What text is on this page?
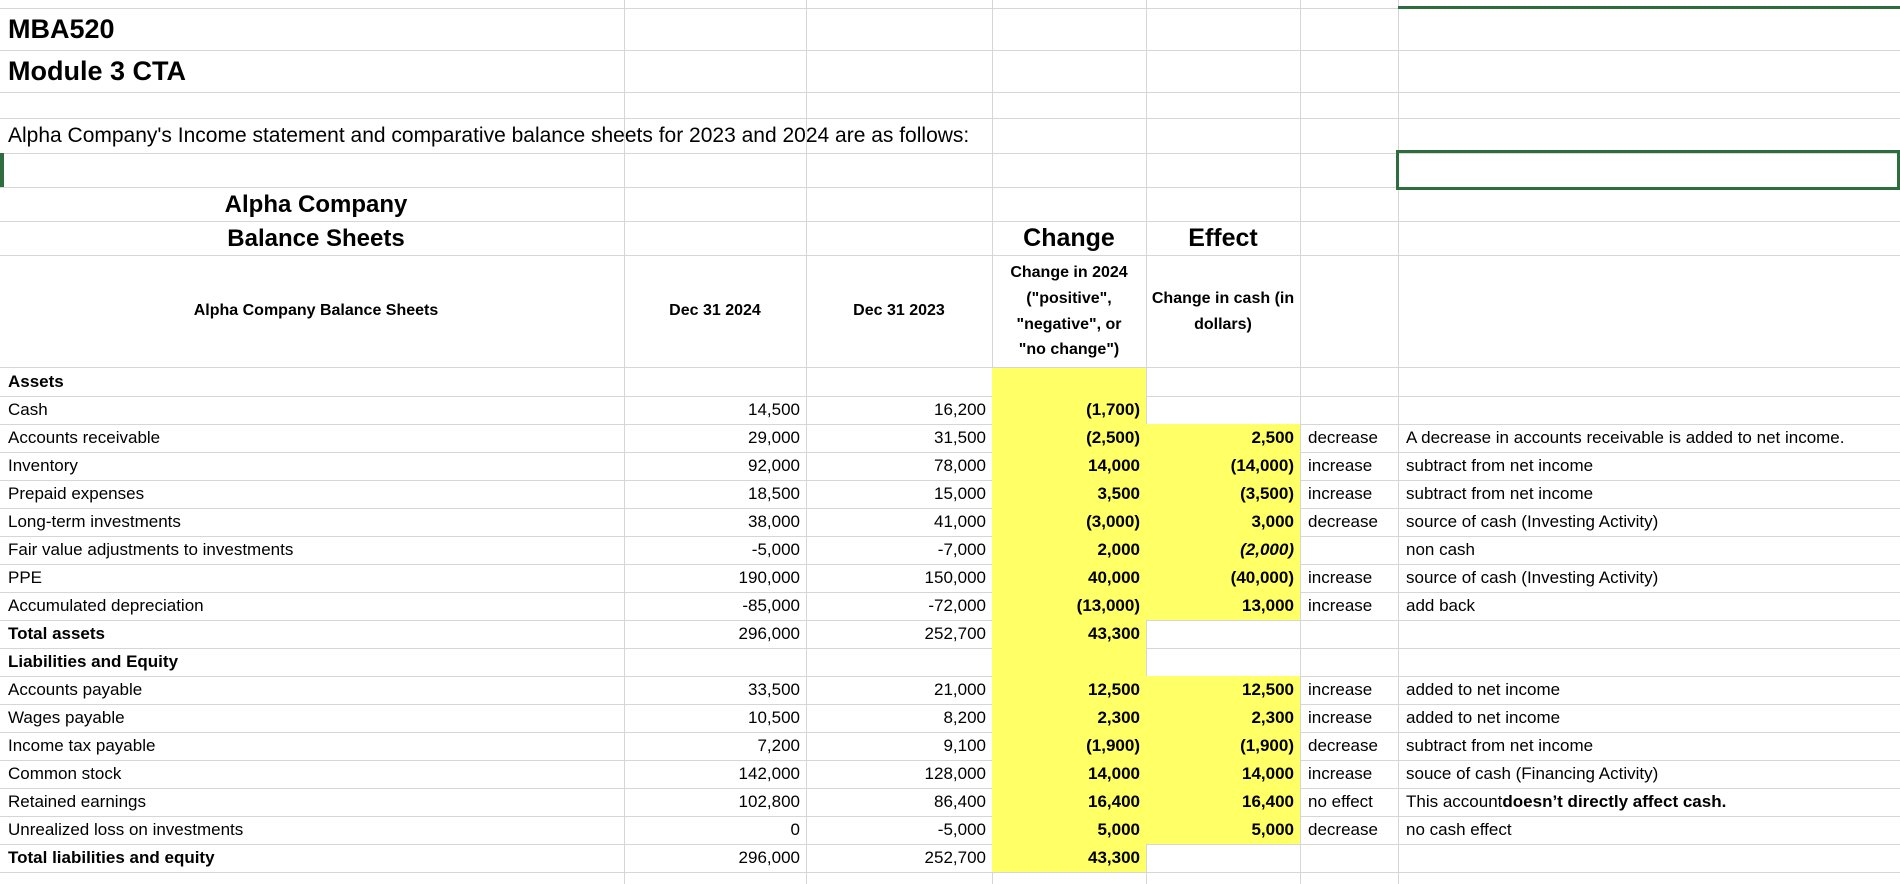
MBA520
Module 3 CTA
Alpha Company's Income statement and comparative balance sheets for 2023 and 2024 are as follows:
Alpha Company
Balance Sheets	Change	Effect
Alpha Company Balance Sheets	Dec 31 2024	Dec 31 2023
Change in 2024
("positive",
"negative", or
"no change")
Change in cash (in
dollars)
Assets
Cash	14,500	16,200	(1,700)
Accounts receivable	29,000	31,500	(2,500)	2,500 decrease	A decrease in accounts receivable is added to net income.
Inventory	92,000	78,000	14,000	(14,000) increase	subtract from net income
Prepaid expenses	18,500	15,000	3,500	(3,500) increase	subtract from net income
Long-term investments	38,000	41,000	(3,000)	3,000 decrease	source of cash (Investing Activity)
Fair value adjustments to investments	-5,000	-7,000	2,000	(2,000)	non cash
PPE	190,000	150,000	40,000	(40,000) increase	source of cash (Investing Activity)
Accumulated depreciation	-85,000	-72,000	(13,000)	13,000 increase	add back
Total assets	296,000	252,700	43,300
Liabilities and Equity
Accounts payable	33,500	21,000	12,500	12,500 increase	added to net income
Wages payable	10,500	8,200	2,300	2,300 increase	added to net income
Income tax payable	7,200	9,100	(1,900)	(1,900) decrease	subtract from net income
Common stock	142,000	128,000	14,000	14,000 increase	souce of cash (Financing Activity)
Retained earnings	102,800	86,400	16,400	16,400 no effect	This account doesn’t directly affect cash.
Unrealized loss on investments	0	-5,000	5,000	5,000 decrease	no cash effect
Total liabilities and equity	296,000	252,700	43,300
